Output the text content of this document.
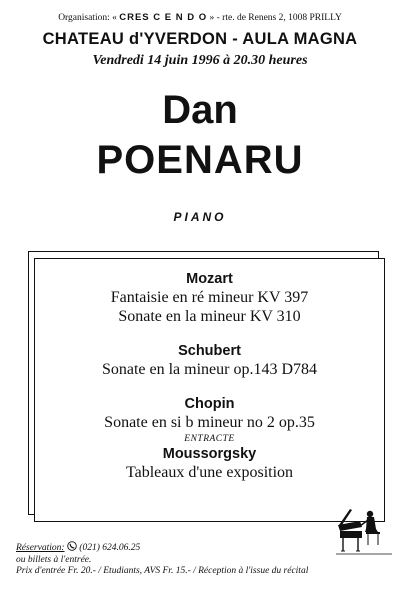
Organisation: « CRES C E N D O » - rte. de Renens 2, 1008 PRILLY
CHATEAU d'YVERDON - AULA MAGNA
Vendredi 14 juin 1996 à 20.30 heures
Dan
POENARU
PIANO
Mozart
Fantaisie en ré mineur KV 397
Sonate en la mineur KV 310
Schubert
Sonate en la mineur op.143 D784
Chopin
Sonate en si b mineur no 2 op.35
ENTRACTE
Moussorgsky
Tableaux d'une exposition
Réservation: (021) 624.06.25
ou billets à l'entrée.
Prix d'entrée Fr. 20.- / Etudiants, AVS Fr. 15.- / Réception à l'issue du récital
